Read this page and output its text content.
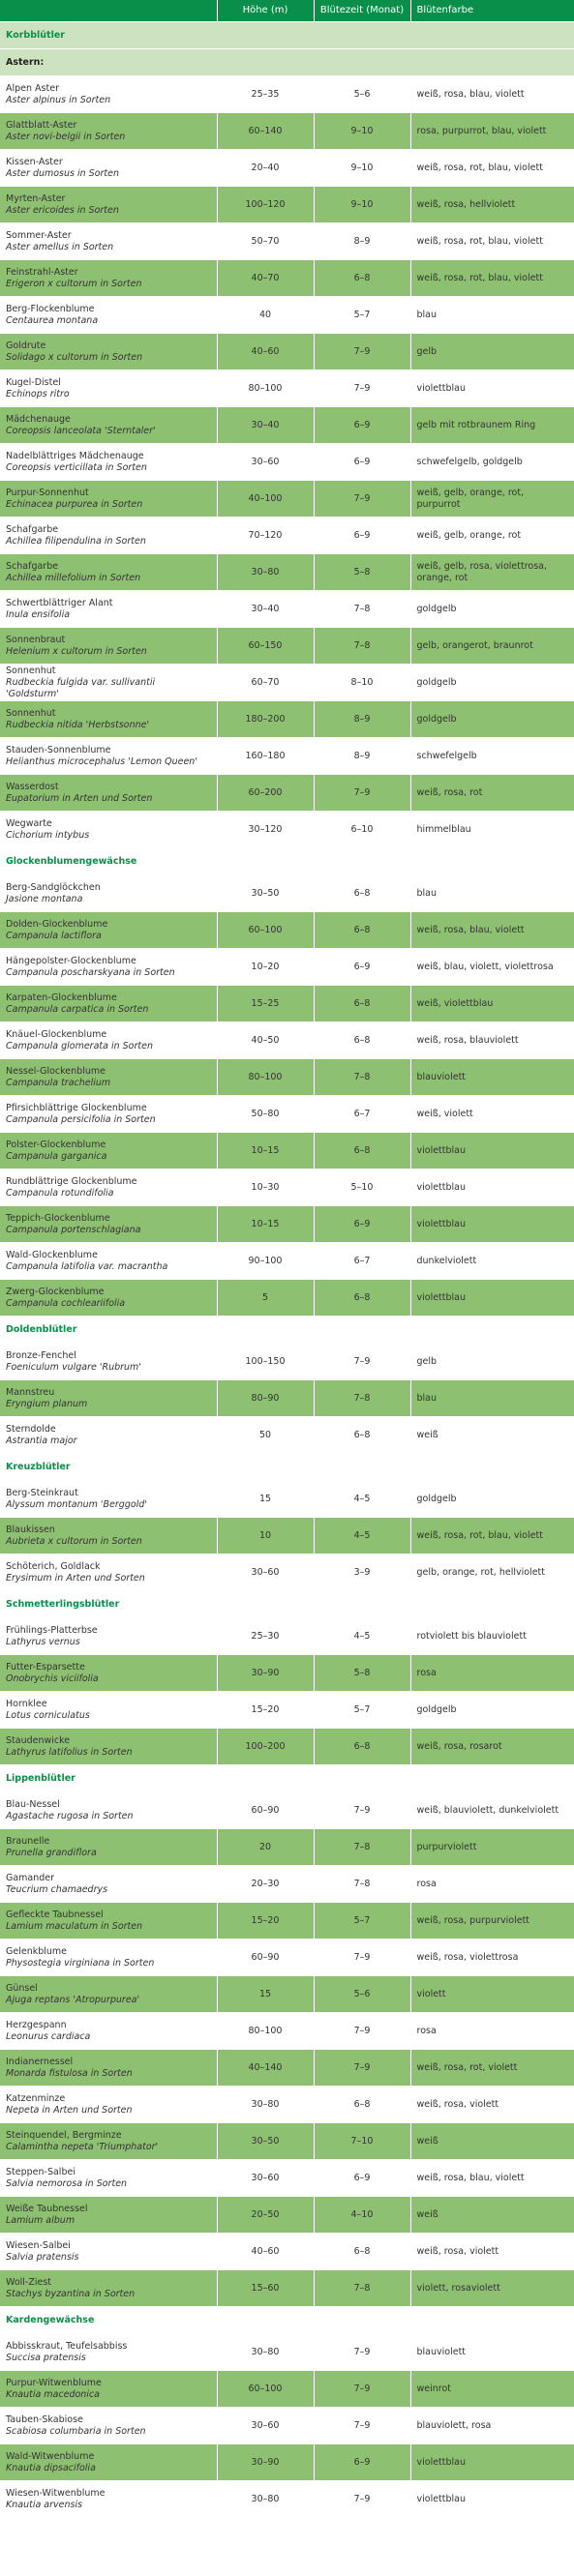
	Höhe (m)	Blütezeit (Monat)	Blütenfarbe
Korbblütler			
Astern:			
Alpen Aster
Aster alpinus in Sorten	25–35	5–6	weiß, rosa, blau, violett
Glattblatt-Aster
Aster novi-belgii in Sorten	60–140	9–10	rosa, purpurrot, blau, violett
Kissen-Aster
Aster dumosus in Sorten	20–40	9–10	weiß, rosa, rot, blau, violett
Myrten-Aster
Aster ericoides in Sorten	100–120	9–10	weiß, rosa, hellviolett
Sommer-Aster
Aster amellus in Sorten	50–70	8–9	weiß, rosa, rot, blau, violett
Feinstrahl-Aster
Erigeron x cultorum in Sorten	40–70	6–8	weiß, rosa, rot, blau, violett
Berg-Flockenblume
Centaurea montana	40	5–7	blau
Goldrute
Solidago x cultorum in Sorten	40–60	7–9	gelb
Kugel-Distel
Echinops ritro	80–100	7–9	violettblau
Mädchenauge
Coreopsis lanceolata 'Sterntaler'	30–40	6–9	gelb mit rotbraunem Ring
Nadelblättriges Mädchenauge
Coreopsis verticillata in Sorten	30–60	6–9	schwefelgelb, goldgelb
Purpur-Sonnenhut
Echinacea purpurea in Sorten	40–100	7–9	weiß, gelb, orange, rot, purpurrot
Schafgarbe
Achillea filipendulina in Sorten	70–120	6–9	weiß, gelb, orange, rot
Schafgarbe
Achillea millefolium in Sorten	30–80	5–8	weiß, gelb, rosa, violettrosa, orange, rot
Schwertblättriger Alant
Inula ensifolia	30–40	7–8	goldgelb
Sonnenbraut
Helenium x cultorum in Sorten	60–150	7–8	gelb, orangerot, braunrot
Sonnenhut
Rudbeckia fulgida var. sullivantii 'Goldsturm'	60–70	8–10	goldgelb
Sonnenhut
Rudbeckia nitida 'Herbstsonne'	180–200	8–9	goldgelb
Stauden-Sonnenblume
Helianthus microcephalus 'Lemon Queen'	160–180	8–9	schwefelgelb
Wasserdost
Eupatorium in Arten und Sorten	60–200	7–9	weiß, rosa, rot
Wegwarte
Cichorium intybus	30–120	6–10	himmelblau
Glockenblumengewächse			
Berg-Sandglöckchen
Jasione montana	30–50	6–8	blau
Dolden-Glockenblume
Campanula lactiflora	60–100	6–8	weiß, rosa, blau, violett
Hängepolster-Glockenblume
Campanula poscharskyana in Sorten	10–20	6–9	weiß, blau, violett, violettrosa
Karpaten-Glockenblume
Campanula carpatica in Sorten	15–25	6–8	weiß, violettblau
Knäuel-Glockenblume
Campanula glomerata in Sorten	40–50	6–8	weiß, rosa, blauviolett
Nessel-Glockenblume
Campanula trachelium	80–100	7–8	blauviolett
Pfirsichblättrige Glockenblume
Campanula persicifolia in Sorten	50–80	6–7	weiß, violett
Polster-Glockenblume
Campanula garganica	10–15	6–8	violettblau
Rundblättrige Glockenblume
Campanula rotundifolia	10–30	5–10	violettblau
Teppich-Glockenblume
Campanula portenschlagiana	10–15	6–9	violettblau
Wald-Glockenblume
Campanula latifolia var. macrantha	90–100	6–7	dunkelviolett
Zwerg-Glockenblume
Campanula cochleariifolia	5	6–8	violettblau
Doldenblütler			
Bronze-Fenchel
Foeniculum vulgare 'Rubrum'	100–150	7–9	gelb
Mannstreu
Eryngium planum	80–90	7–8	blau
Sterndolde
Astrantia major	50	6–8	weiß
Kreuzblütler			
Berg-Steinkraut
Alyssum montanum 'Berggold'	15	4–5	goldgelb
Blaukissen
Aubrieta x cultorum in Sorten	10	4–5	weiß, rosa, rot, blau, violett
Schöterich, Goldlack
Erysimum in Arten und Sorten	30–60	3–9	gelb, orange, rot, hellviolett
Schmetterlingsblütler			
Frühlings-Platterbse
Lathyrus vernus	25–30	4–5	rotviolett bis blauviolett
Futter-Esparsette
Onobrychis viciifolia	30–90	5–8	rosa
Hornklee
Lotus corniculatus	15–20	5–7	goldgelb
Staudenwicke
Lathyrus latifolius in Sorten	100–200	6–8	weiß, rosa, rosarot
Lippenblütler			
Blau-Nessel
Agastache rugosa in Sorten	60–90	7–9	weiß, blauviolett, dunkelviolett
Braunelle
Prunella grandiflora	20	7–8	purpurviolett
Gamander
Teucrium chamaedrys	20–30	7–8	rosa
Gefleckte Taubnessel
Lamium maculatum in Sorten	15–20	5–7	weiß, rosa, purpurviolett
Gelenkblume
Physostegia virginiana in Sorten	60–90	7–9	weiß, rosa, violettrosa
Günsel
Ajuga reptans 'Atropurpurea'	15	5–6	violett
Herzgespann
Leonurus cardiaca	80–100	7–9	rosa
Indianernessel
Monarda fistulosa in Sorten	40–140	7–9	weiß, rosa, rot, violett
Katzenminze
Nepeta in Arten und Sorten	30–80	6–8	weiß, rosa, violett
Steinquendel, Bergminze
Calamintha nepeta 'Triumphator'	30–50	7–10	weiß
Steppen-Salbei
Salvia nemorosa in Sorten	30–60	6–9	weiß, rosa, blau, violett
Weiße Taubnessel
Lamium album	20–50	4–10	weiß
Wiesen-Salbei
Salvia pratensis	40–60	6–8	weiß, rosa, violett
Woll-Ziest
Stachys byzantina in Sorten	15–60	7–8	violett, rosaviolett
Kardengewächse			
Abbisskraut, Teufelsabbiss
Succisa pratensis	30–80	7–9	blauviolett
Purpur-Witwenblume
Knautia macedonica	60–100	7–9	weinrot
Tauben-Skabiose
Scabiosa columbaria in Sorten	30–60	7–9	blauviolett, rosa
Wald-Witwenblume
Knautia dipsacifolia	30–90	6–9	violettblau
Wiesen-Witwenblume
Knautia arvensis	30–80	7–9	violettblau
